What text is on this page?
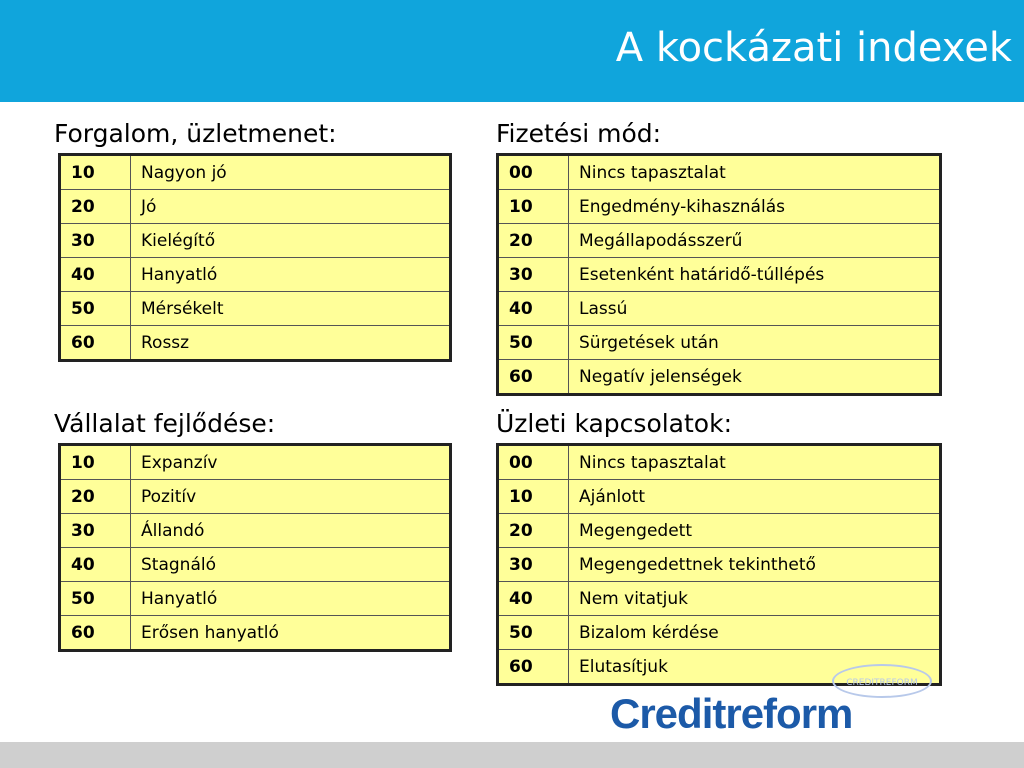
A kockázati indexek
Forgalom, üzletmenet:
10	Nagyon jó
20	Jó
30	Kielégítő
40	Hanyatló
50	Mérsékelt
60	Rossz
Fizetési mód:
00	Nincs tapasztalat
10	Engedmény-kihasználás
20	Megállapodásszerű
30	Esetenként határidő-túllépés
40	Lassú
50	Sürgetések után
60	Negatív jelenségek
Vállalat fejlődése:
10	Expanzív
20	Pozitív
30	Állandó
40	Stagnáló
50	Hanyatló
60	Erősen hanyatló
Üzleti kapcsolatok:
00	Nincs tapasztalat
10	Ajánlott
20	Megengedett
30	Megengedettnek tekinthető
40	Nem vitatjuk
50	Bizalom kérdése
60	Elutasítjuk
CREDITREFORM
Creditreform
